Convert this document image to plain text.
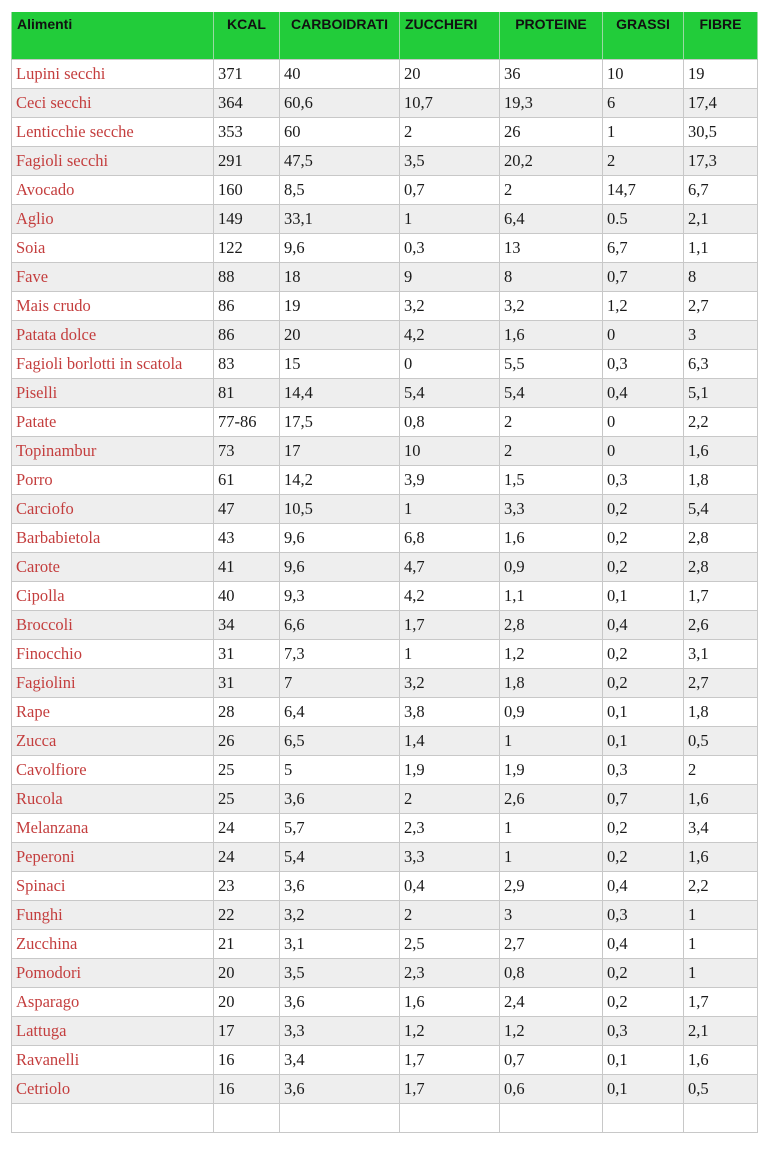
Alimenti	KCAL	CARBOIDRATI	ZUCCHERI	PROTEINE	GRASSI	FIBRE
Lupini secchi	371	40	20	36	10	19
Ceci secchi	364	60,6	10,7	19,3	6	17,4
Lenticchie secche	353	60	2	26	1	30,5
Fagioli secchi	291	47,5	3,5	20,2	2	17,3
Avocado	160	8,5	0,7	2	14,7	6,7
Aglio	149	33,1	1	6,4	0.5	2,1
Soia	122	9,6	0,3	13	6,7	1,1
Fave	88	18	9	8	0,7	8
Mais crudo	86	19	3,2	3,2	1,2	2,7
Patata dolce	86	20	4,2	1,6	0	3
Fagioli borlotti in scatola	83	15	0	5,5	0,3	6,3
Piselli	81	14,4	5,4	5,4	0,4	5,1
Patate	77-86	17,5	0,8	2	0	2,2
Topinambur	73	17	10	2	0	1,6
Porro	61	14,2	3,9	1,5	0,3	1,8
Carciofo	47	10,5	1	3,3	0,2	5,4
Barbabietola	43	9,6	6,8	1,6	0,2	2,8
Carote	41	9,6	4,7	0,9	0,2	2,8
Cipolla	40	9,3	4,2	1,1	0,1	1,7
Broccoli	34	6,6	1,7	2,8	0,4	2,6
Finocchio	31	7,3	1	1,2	0,2	3,1
Fagiolini	31	7	3,2	1,8	0,2	2,7
Rape	28	6,4	3,8	0,9	0,1	1,8
Zucca	26	6,5	1,4	1	0,1	0,5
Cavolfiore	25	5	1,9	1,9	0,3	2
Rucola	25	3,6	2	2,6	0,7	1,6
Melanzana	24	5,7	2,3	1	0,2	3,4
Peperoni	24	5,4	3,3	1	0,2	1,6
Spinaci	23	3,6	0,4	2,9	0,4	2,2
Funghi	22	3,2	2	3	0,3	1
Zucchina	21	3,1	2,5	2,7	0,4	1
Pomodori	20	3,5	2,3	0,8	0,2	1
Asparago	20	3,6	1,6	2,4	0,2	1,7
Lattuga	17	3,3	1,2	1,2	0,3	2,1
Ravanelli	16	3,4	1,7	0,7	0,1	1,6
Cetriolo	16	3,6	1,7	0,6	0,1	0,5
